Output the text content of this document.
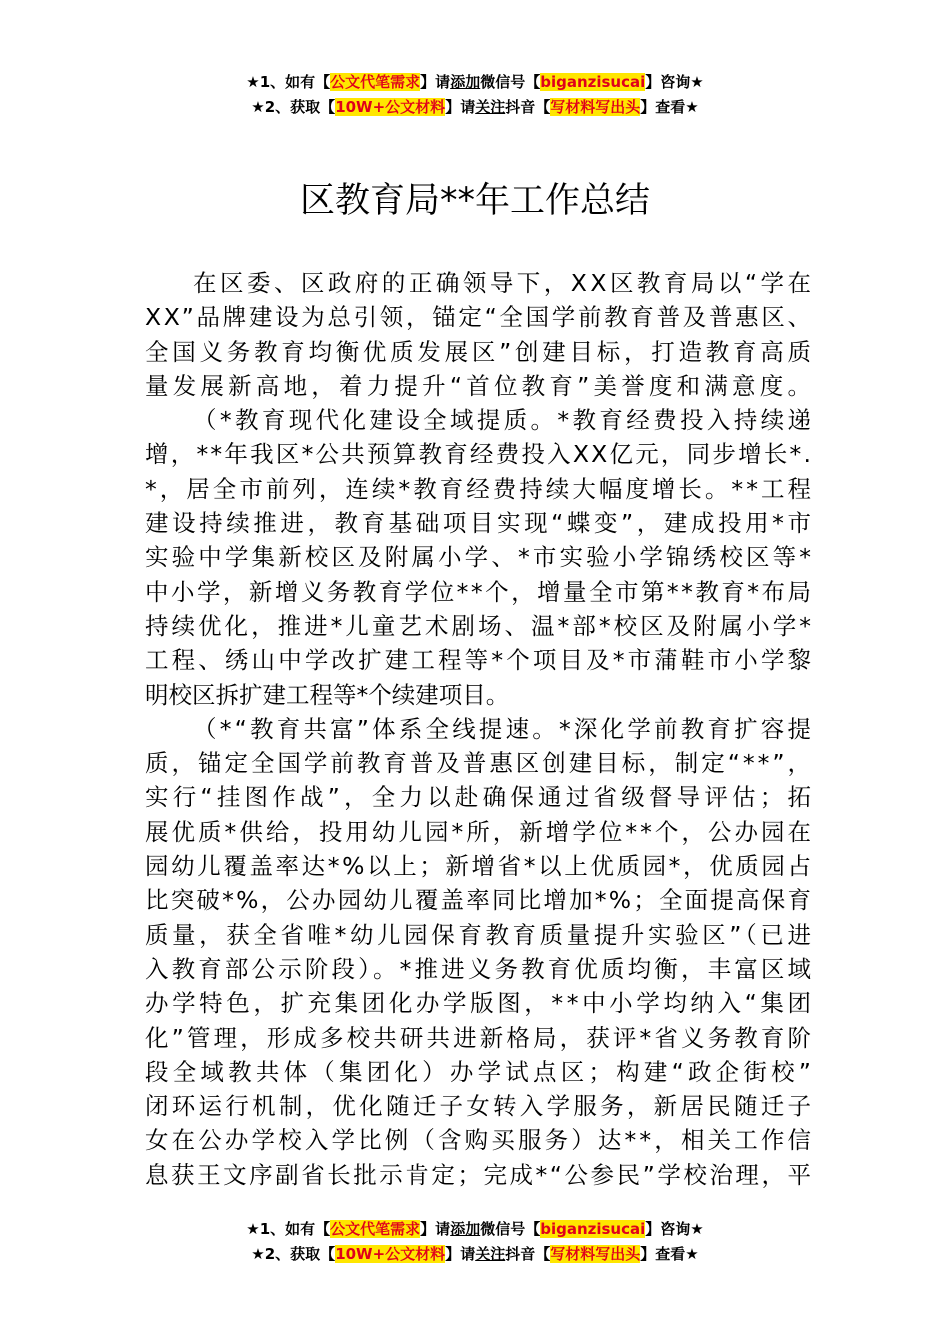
★1、如有【公文代笔需求】请添加微信号【biganzisucai】咨询★
★2、获取【10W+公文材料】请关注抖音【写材料写出头】查看★
区教育局**年工作总结
在区委、区政府的正确领导下，XX区教育局以“学在
XX”品牌建设为总引领，锚定“全国学前教育普及普惠区、
全国义务教育均衡优质发展区”创建目标，打造教育高质
量发展新高地，着力提升“首位教育”美誉度和满意度。
（*教育现代化建设全域提质。*教育经费投入持续递
增，**年我区*公共预算教育经费投入XX亿元，同步增长*.
*，居全市前列，连续*教育经费持续大幅度增长。**工程
建设持续推进，教育基础项目实现“蝶变”，建成投用*市
实验中学集新校区及附属小学、*市实验小学锦绣校区等*
中小学，新增义务教育学位**个，增量全市第**教育*布局
持续优化，推进*儿童艺术剧场、温*部*校区及附属小学*
工程、绣山中学改扩建工程等*个项目及*市蒲鞋市小学黎
明校区拆扩建工程等*个续建项目。
（*“教育共富”体系全线提速。*深化学前教育扩容提
质，锚定全国学前教育普及普惠区创建目标，制定“**”，
实行“挂图作战”，全力以赴确保通过省级督导评估；拓
展优质*供给，投用幼儿园*所，新增学位**个，公办园在
园幼儿覆盖率达*%以上；新增省*以上优质园*，优质园占
比突破*%，公办园幼儿覆盖率同比增加*%；全面提高保育
质量，获全省唯*幼儿园保育教育质量提升实验区”（已进
入教育部公示阶段）。*推进义务教育优质均衡，丰富区域
办学特色，扩充集团化办学版图，**中小学均纳入“集团
化”管理，形成多校共研共进新格局，获评*省义务教育阶
段全域教共体（集团化）办学试点区；构建“政企街校”
闭环运行机制，优化随迁子女转入学服务，新居民随迁子
女在公办学校入学比例（含购买服务）达**，相关工作信
息获王文序副省长批示肯定；完成*“公参民”学校治理，平
★1、如有【公文代笔需求】请添加微信号【biganzisucai】咨询★
★2、获取【10W+公文材料】请关注抖音【写材料写出头】查看★
